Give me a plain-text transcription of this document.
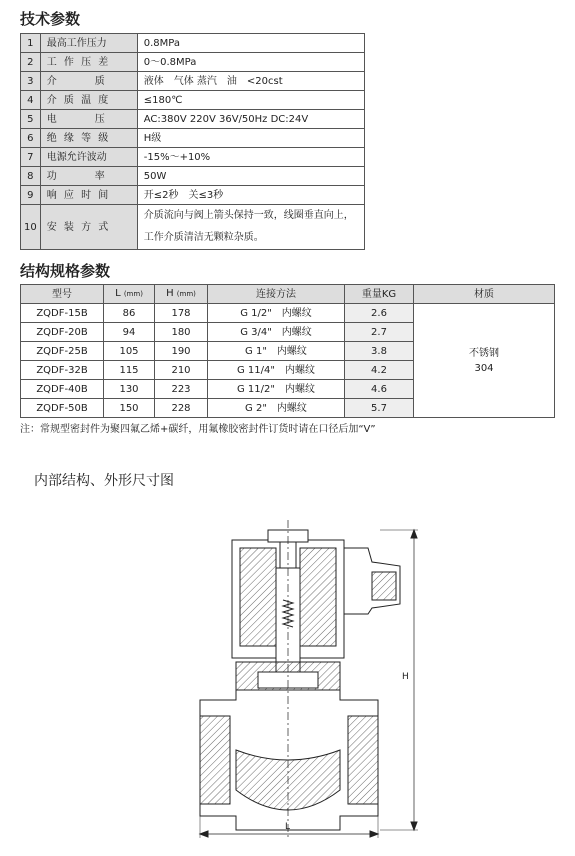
技术参数
1	最高工作压力	0.8MPa
2	工 作 压 差	0～0.8MPa
3	介　　　质	液体　气体 蒸汽　油　<20cst
4	介 质 温 度	≤180℃
5	电　　　压	AC:380V 220V 36V/50Hz DC:24V
6	绝 缘 等 级	H级
7	电源允许波动	-15%～+10%
8	功　　　率	50W
9	响 应 时 间	开≤2秒　关≤3秒
10	安 装 方 式	介质流向与阀上箭头保持一致，线圈垂直向上，工作介质清洁无颗粒杂质。
结构规格参数
型号	L (mm)	H (mm)	连接方法	重量KG	材质
ZQDF-15B	86	178	G 1/2"　内螺纹	2.6	不锈钢
304

ZQDF-20B	94	180	G 3/4"　内螺纹	2.7	
ZQDF-25B	105	190	G 1"　内螺纹	3.8	
ZQDF-32B	115	210	G 11/4"　内螺纹	4.2	
ZQDF-40B	130	223	G 11/2"　内螺纹	4.6	
ZQDF-50B	150	228	G 2"　内螺纹	5.7	
注：常规型密封件为聚四氟乙烯+碳纤，用氟橡胶密封件订货时请在口径后加“V”
内部结构、外形尺寸图
H
L
